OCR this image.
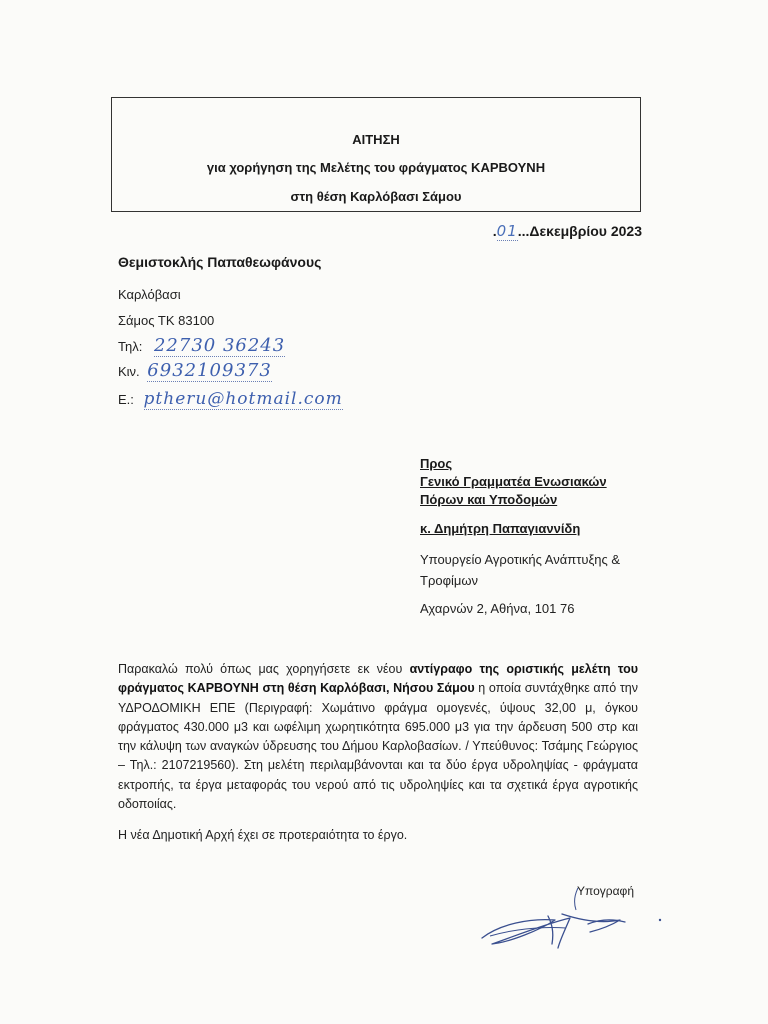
ΑΙΤΗΣΗ
για χορήγηση της Μελέτης του φράγματος ΚΑΡΒΟΥΝΗ
στη θέση Καρλόβασι Σάμου
.01...Δεκεμβρίου 2023
Θεμιστοκλής Παπαθεωφάνους
Καρλόβασι
Σάμος ΤΚ 83100
Τηλ: 22730 36243
Κιν. 6932109373
E.: ptheru@hotmail.com
Προς
Γενικό Γραμματέα Ενωσιακών
Πόρων και Υποδομών
κ. Δημήτρη Παπαγιαννίδη
Υπουργείο Αγροτικής Ανάπτυξης &
Τροφίμων
Αχαρνών 2, Αθήνα, 101 76
Παρακαλώ πολύ όπως μας χορηγήσετε εκ νέου αντίγραφο της οριστικής μελέτη του φράγματος ΚΑΡΒΟΥΝΗ στη θέση Καρλόβασι, Νήσου Σάμου η οποία συντάχθηκε από την ΥΔΡΟΔΟΜΙΚΗ ΕΠΕ (Περιγραφή: Χωμάτινο φράγμα ομογενές, ύψους 32,00 μ, όγκου φράγματος 430.000 μ3 και ωφέλιμη χωρητικότητα 695.000 μ3 για την άρδευση 500 στρ και την κάλυψη των αναγκών ύδρευσης του Δήμου Καρλοβασίων. / Υπεύθυνος: Τσάμης Γεώργιος – Τηλ.: 2107219560). Στη μελέτη περιλαμβάνονται και τα δύο έργα υδροληψίας - φράγματα εκτροπής, τα έργα μεταφοράς του νερού από τις υδροληψίες και τα σχετικά έργα αγροτικής οδοποιίας.
Η νέα Δημοτική Αρχή έχει σε προτεραιότητα το έργο.
Υπογραφή
